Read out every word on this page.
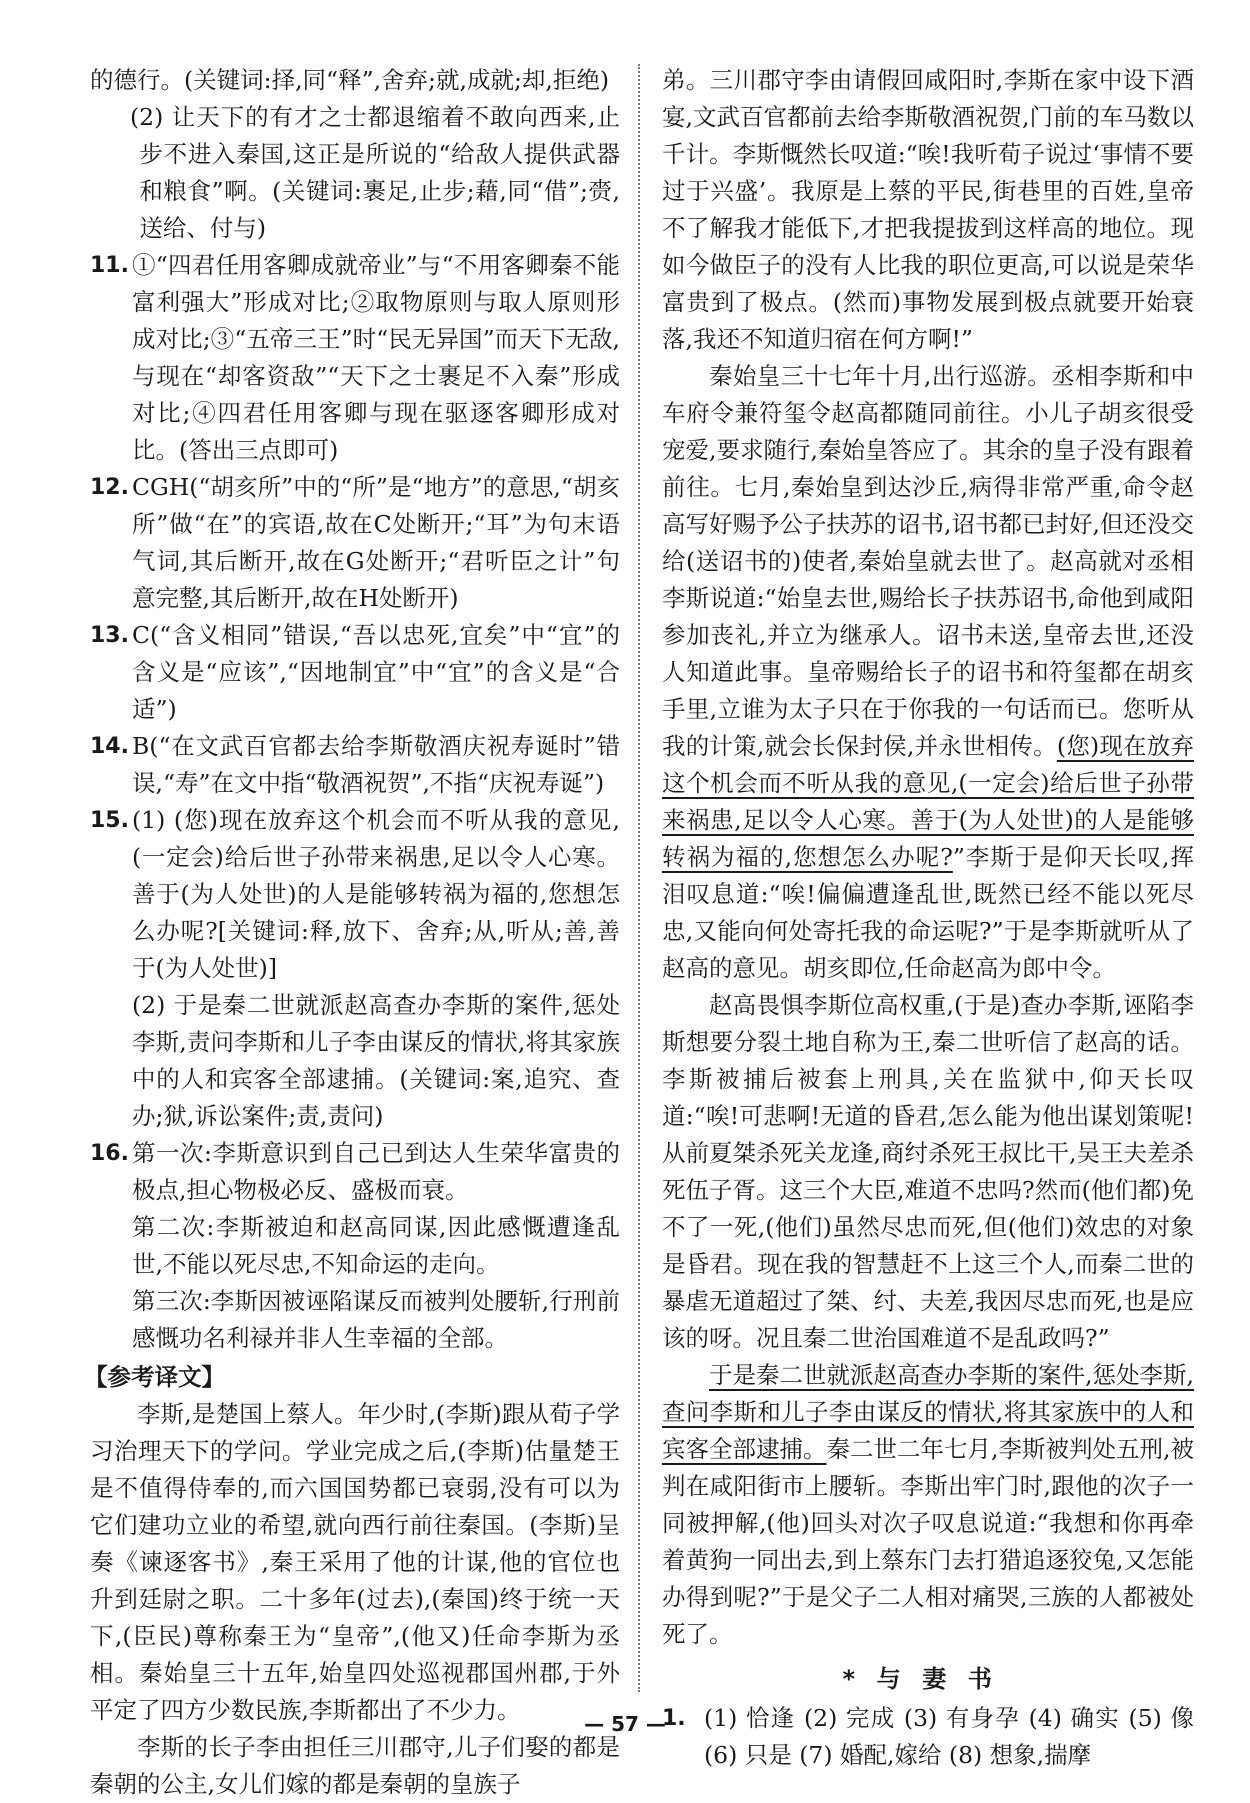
的德行。(关键词:择,同“释”,舍弃;就,成就;却,拒绝)

(2) 让天下的有才之士都退缩着不敢向西来,止步不进入秦国,这正是所说的“给敌人提供武器和粮食”啊。(关键词:裹足,止步;藉,同“借”;赍,送给、付与)

11. ①“四君任用客卿成就帝业”与“不用客卿秦不能富利强大”形成对比;②取物原则与取人原则形成对比;③“五帝三王”时“民无异国”而天下无敌,与现在“却客资敌”“天下之士裹足不入秦”形成对比;④四君任用客卿与现在驱逐客卿形成对比。(答出三点即可)

12. CGH(“胡亥所”中的“所”是“地方”的意思,“胡亥所”做“在”的宾语,故在C处断开;“耳”为句末语气词,其后断开,故在G处断开;“君听臣之计”句意完整,其后断开,故在H处断开)

13. C(“含义相同”错误,“吾以忠死,宜矣”中“宜”的含义是“应该”,“因地制宜”中“宜”的含义是“合适”)

14. B(“在文武百官都去给李斯敬酒庆祝寿诞时”错误,“寿”在文中指“敬酒祝贺”,不指“庆祝寿诞”)

15. (1) (您)现在放弃这个机会而不听从我的意见,(一定会)给后世子孙带来祸患,足以令人心寒。善于(为人处世)的人是能够转祸为福的,您想怎么办呢?[关键词:释,放下、舍弃;从,听从;善,善于(为人处世)]

(2) 于是秦二世就派赵高查办李斯的案件,惩处李斯,责问李斯和儿子李由谋反的情状,将其家族中的人和宾客全部逮捕。(关键词:案,追究、查办;狱,诉讼案件;责,责问)

16. 第一次:李斯意识到自己已到达人生荣华富贵的极点,担心物极必反、盛极而衰。

第二次:李斯被迫和赵高同谋,因此感慨遭逢乱世,不能以死尽忠,不知命运的走向。

第三次:李斯因被诬陷谋反而被判处腰斩,行刑前感慨功名利禄并非人生幸福的全部。

【参考译文】

李斯,是楚国上蔡人。年少时,(李斯)跟从荀子学习治理天下的学问。学业完成之后,(李斯)估量楚王是不值得侍奉的,而六国国势都已衰弱,没有可以为它们建功立业的希望,就向西行前往秦国。(李斯)呈奏《谏逐客书》,秦王采用了他的计谋,他的官位也升到廷尉之职。二十多年(过去),(秦国)终于统一天下,(臣民)尊称秦王为“皇帝”,(他又)任命李斯为丞相。秦始皇三十五年,始皇四处巡视郡国州郡,于外平定了四方少数民族,李斯都出了不少力。

李斯的长子李由担任三川郡守,儿子们娶的都是秦朝的公主,女儿们嫁的都是秦朝的皇族子

弟。三川郡守李由请假回咸阳时,李斯在家中设下酒宴,文武百官都前去给李斯敬酒祝贺,门前的车马数以千计。李斯慨然长叹道:“唉!我听荀子说过‘事情不要过于兴盛’。我原是上蔡的平民,街巷里的百姓,皇帝不了解我才能低下,才把我提拔到这样高的地位。现如今做臣子的没有人比我的职位更高,可以说是荣华富贵到了极点。(然而)事物发展到极点就要开始衰落,我还不知道归宿在何方啊!”

秦始皇三十七年十月,出行巡游。丞相李斯和中车府令兼符玺令赵高都随同前往。小儿子胡亥很受宠爱,要求随行,秦始皇答应了。其余的皇子没有跟着前往。七月,秦始皇到达沙丘,病得非常严重,命令赵高写好赐予公子扶苏的诏书,诏书都已封好,但还没交给(送诏书的)使者,秦始皇就去世了。赵高就对丞相李斯说道:“始皇去世,赐给长子扶苏诏书,命他到咸阳参加丧礼,并立为继承人。诏书未送,皇帝去世,还没人知道此事。皇帝赐给长子的诏书和符玺都在胡亥手里,立谁为太子只在于你我的一句话而已。您听从我的计策,就会长保封侯,并永世相传。(您)现在放弃这个机会而不听从我的意见,(一定会)给后世子孙带来祸患,足以令人心寒。善于(为人处世)的人是能够转祸为福的,您想怎么办呢?”李斯于是仰天长叹,挥泪叹息道:“唉!偏偏遭逢乱世,既然已经不能以死尽忠,又能向何处寄托我的命运呢?”于是李斯就听从了赵高的意见。胡亥即位,任命赵高为郎中令。

赵高畏惧李斯位高权重,(于是)查办李斯,诬陷李斯想要分裂土地自称为王,秦二世听信了赵高的话。李斯被捕后被套上刑具,关在监狱中,仰天长叹道:“唉!可悲啊!无道的昏君,怎么能为他出谋划策呢!从前夏桀杀死关龙逢,商纣杀死王叔比干,吴王夫差杀死伍子胥。这三个大臣,难道不忠吗?然而(他们都)免不了一死,(他们)虽然尽忠而死,但(他们)效忠的对象是昏君。现在我的智慧赶不上这三个人,而秦二世的暴虐无道超过了桀、纣、夫差,我因尽忠而死,也是应该的呀。况且秦二世治国难道不是乱政吗?”

于是秦二世就派赵高查办李斯的案件,惩处李斯,查问李斯和儿子李由谋反的情状,将其家族中的人和宾客全部逮捕。秦二世二年七月,李斯被判处五刑,被判在咸阳街市上腰斩。李斯出牢门时,跟他的次子一同被押解,(他)回头对次子叹息说道:“我想和你再牵着黄狗一同出去,到上蔡东门去打猎追逐狡兔,又怎能办得到呢?”于是父子二人相对痛哭,三族的人都被处死了。

*与妻书

1. (1) 恰逢 (2) 完成 (3) 有身孕 (4) 确实 (5) 像 (6) 只是 (7) 婚配,嫁给 (8) 想象,揣摩

— 57 —
